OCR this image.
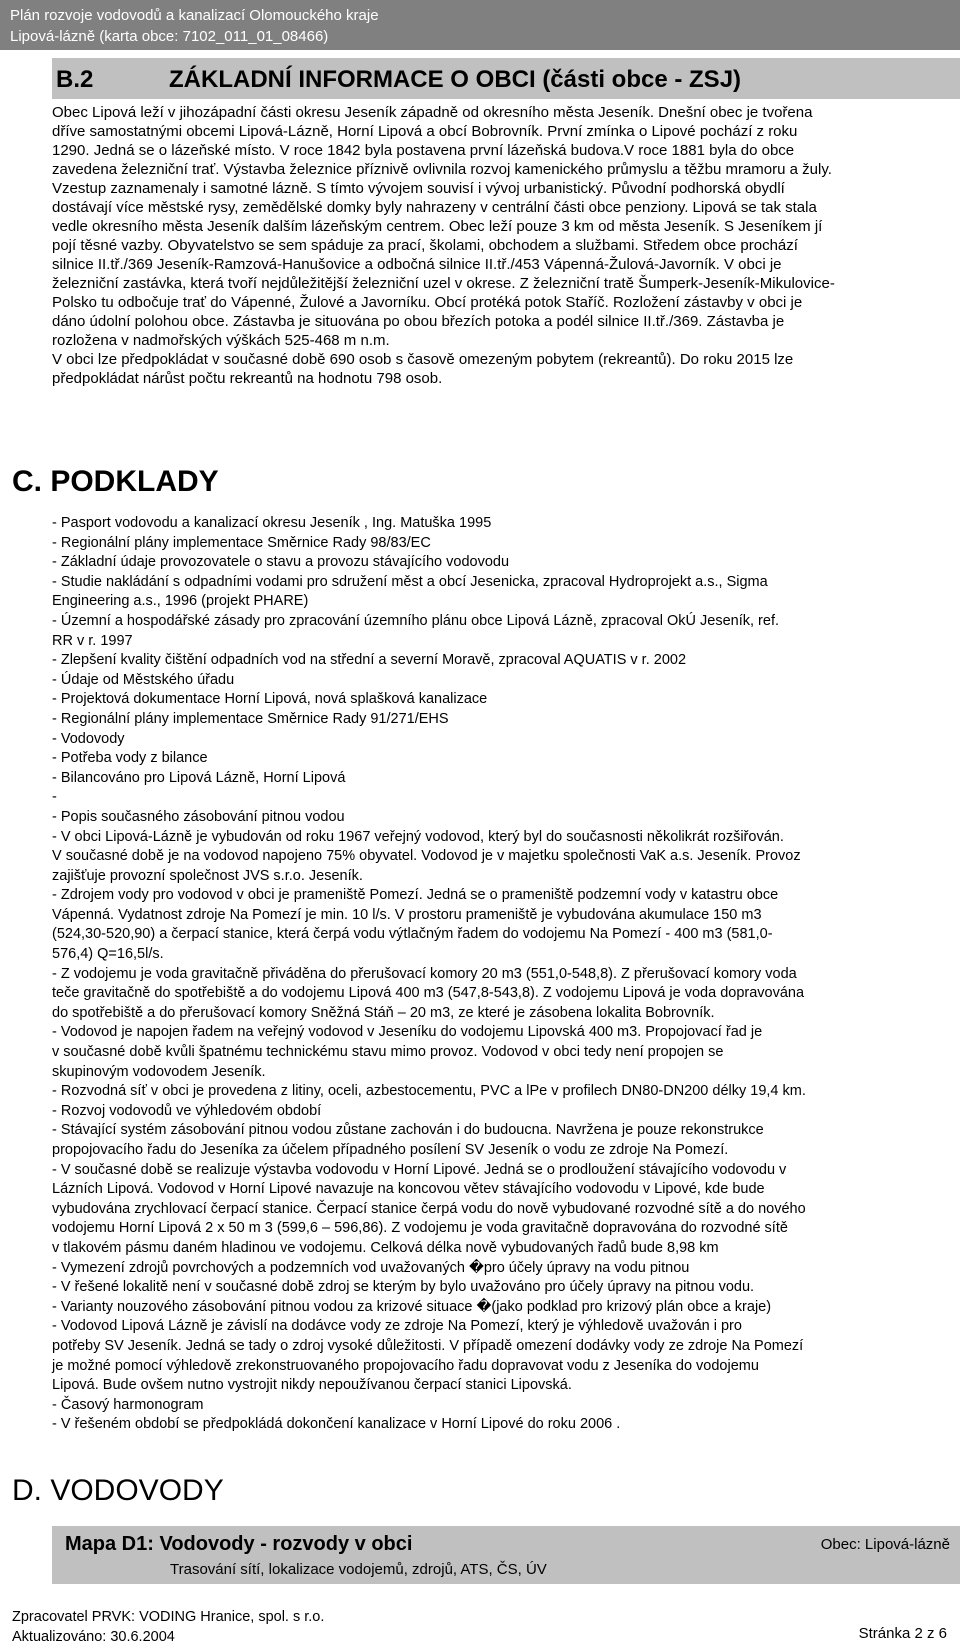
Plán rozvoje vodovodů a kanalizací Olomouckého kraje
Lipová-lázně (karta obce: 7102_011_01_08466)
B.2	ZÁKLADNÍ INFORMACE O OBCI (části obce - ZSJ)
Obec Lipová leží v jihozápadní části okresu Jeseník západně od okresního města Jeseník. Dnešní obec je tvořena
dříve samostatnými obcemi Lipová-Lázně, Horní Lipová a obcí Bobrovník. První zmínka o Lipové pochází z roku
1290. Jedná se o lázeňské místo. V roce 1842 byla postavena první lázeňská budova.V roce 1881 byla do obce
zavedena železniční trať. Výstavba železnice příznivě ovlivnila rozvoj kamenického průmyslu a těžbu mramoru a žuly.
Vzestup zaznamenaly i samotné lázně. S tímto vývojem souvisí i vývoj urbanistický. Původní podhorská obydlí
dostávají více městské rysy, zemědělské domky byly nahrazeny v centrální části obce penziony. Lipová se tak stala
vedle okresního města Jeseník dalším lázeňským centrem. Obec leží pouze 3 km od města Jeseník. S Jeseníkem jí
pojí těsné vazby. Obyvatelstvo se sem spáduje za prací, školami, obchodem a službami. Středem obce prochází
silnice II.tř./369 Jeseník-Ramzová-Hanušovice a odbočná silnice II.tř./453 Vápenná-Žulová-Javorník. V obci je
železniční zastávka, která tvoří nejdůležitější železniční uzel v okrese. Z železniční tratě Šumperk-Jeseník-Mikulovice-
Polsko tu odbočuje trať do Vápenné, Žulové a Javorníku. Obcí protéká potok Staříč. Rozložení zástavby v obci je
dáno údolní polohou obce. Zástavba je situována po obou březích potoka a podél silnice II.tř./369. Zástavba je
rozložena v nadmořských výškách 525-468 m n.m.
V obci lze předpokládat v současné době 690 osob s časově omezeným pobytem (rekreantů). Do roku 2015 lze
předpokládat nárůst počtu rekreantů na hodnotu 798 osob.
C. PODKLADY
- Pasport vodovodu a kanalizací okresu Jeseník , Ing. Matuška 1995
- Regionální plány implementace Směrnice Rady 98/83/EC
- Základní údaje provozovatele o stavu a provozu stávajícího vodovodu
- Studie nakládání s odpadními vodami pro sdružení měst a obcí Jesenicka, zpracoval Hydroprojekt a.s., Sigma
Engineering a.s., 1996 (projekt PHARE)
- Územní a hospodářské zásady pro zpracování územního plánu obce Lipová Lázně, zpracoval OkÚ Jeseník, ref.
RR v r. 1997
- Zlepšení kvality čištění odpadních vod na střední a severní Moravě, zpracoval AQUATIS v r. 2002
- Údaje od Městského úřadu
- Projektová dokumentace Horní Lipová, nová splašková kanalizace
- Regionální plány implementace Směrnice Rady 91/271/EHS
- Vodovody
- Potřeba vody z bilance
- Bilancováno pro Lipová Lázně, Horní Lipová
-
- Popis současného zásobování pitnou vodou
- V obci Lipová-Lázně je vybudován od roku 1967 veřejný vodovod, který byl do současnosti několikrát rozšiřován.
V současné době je na vodovod napojeno 75% obyvatel. Vodovod je v majetku společnosti VaK a.s. Jeseník. Provoz
zajišťuje provozní společnost JVS s.r.o. Jeseník.
- Zdrojem vody pro vodovod v obci je prameniště Pomezí. Jedná se o prameniště podzemní vody v katastru obce
Vápenná. Vydatnost zdroje Na Pomezí je min. 10 l/s. V prostoru prameniště je vybudována akumulace 150 m3
(524,30-520,90) a čerpací stanice, která čerpá vodu výtlačným řadem do vodojemu Na Pomezí - 400 m3 (581,0-
576,4) Q=16,5l/s.
- Z vodojemu je voda gravitačně přiváděna do přerušovací komory 20 m3 (551,0-548,8). Z přerušovací komory voda
teče gravitačně do spotřebiště a do vodojemu Lipová 400 m3 (547,8-543,8). Z vodojemu Lipová je voda dopravována
do spotřebiště a do přerušovací komory Sněžná Stáň – 20 m3, ze které je zásobena lokalita Bobrovník.
- Vodovod je napojen řadem na veřejný vodovod v Jeseníku do vodojemu Lipovská 400 m3. Propojovací řad je
v současné době kvůli špatnému technickému stavu mimo provoz. Vodovod v obci tedy není propojen se
skupinovým vodovodem Jeseník.
- Rozvodná síť v obci je provedena z litiny, oceli, azbestocementu, PVC a lPe v profilech DN80-DN200 délky 19,4 km.
- Rozvoj vodovodů ve výhledovém období
- Stávající systém zásobování pitnou vodou zůstane zachován i do budoucna. Navržena je pouze rekonstrukce
propojovacího řadu do Jeseníka za účelem případného posílení SV Jeseník o vodu ze zdroje Na Pomezí.
- V současné době se realizuje výstavba vodovodu v Horní Lipové. Jedná se o prodloužení stávajícího vodovodu v
Lázních Lipová. Vodovod v Horní Lipové navazuje na koncovou větev stávajícího vodovodu v Lipové, kde bude
vybudována zrychlovací čerpací stanice. Čerpací stanice čerpá vodu do nově vybudované rozvodné sítě a do nového
vodojemu Horní Lipová 2 x 50 m 3 (599,6 – 596,86). Z vodojemu je voda gravitačně dopravována do rozvodné sítě
v tlakovém pásmu daném hladinou ve vodojemu. Celková délka nově vybudovaných řadů bude 8,98 km
- Vymezení zdrojů povrchových a podzemních vod uvažovaných �pro účely úpravy na vodu pitnou
- V řešené lokalitě není v současné době zdroj se kterým by bylo uvažováno pro účely úpravy na pitnou vodu.
- Varianty nouzového zásobování pitnou vodou za krizové situace �(jako podklad pro krizový plán obce a kraje)
- Vodovod Lipová Lázně je závislí na dodávce vody ze zdroje Na Pomezí, který je výhledově uvažován i pro
potřeby SV Jeseník. Jedná se tady o zdroj vysoké důležitosti. V případě omezení dodávky vody ze zdroje Na Pomezí
je možné pomocí výhledově zrekonstruovaného propojovacího řadu dopravovat vodu z Jeseníka do vodojemu
Lipová. Bude ovšem nutno vystrojit nikdy nepoužívanou čerpací stanici Lipovská.
- Časový harmonogram
- V řešeném období se předpokládá dokončení kanalizace v Horní Lipové do roku 2006 .
D. VODOVODY
Mapa D1: Vodovody - rozvody v obci
Trasování sítí, lokalizace vodojemů, zdrojů, ATS, ČS, ÚV
Obec: Lipová-lázně
Zpracovatel PRVK: VODING Hranice, spol. s r.o.
Aktualizováno: 30.6.2004	Stránka 2 z 6
